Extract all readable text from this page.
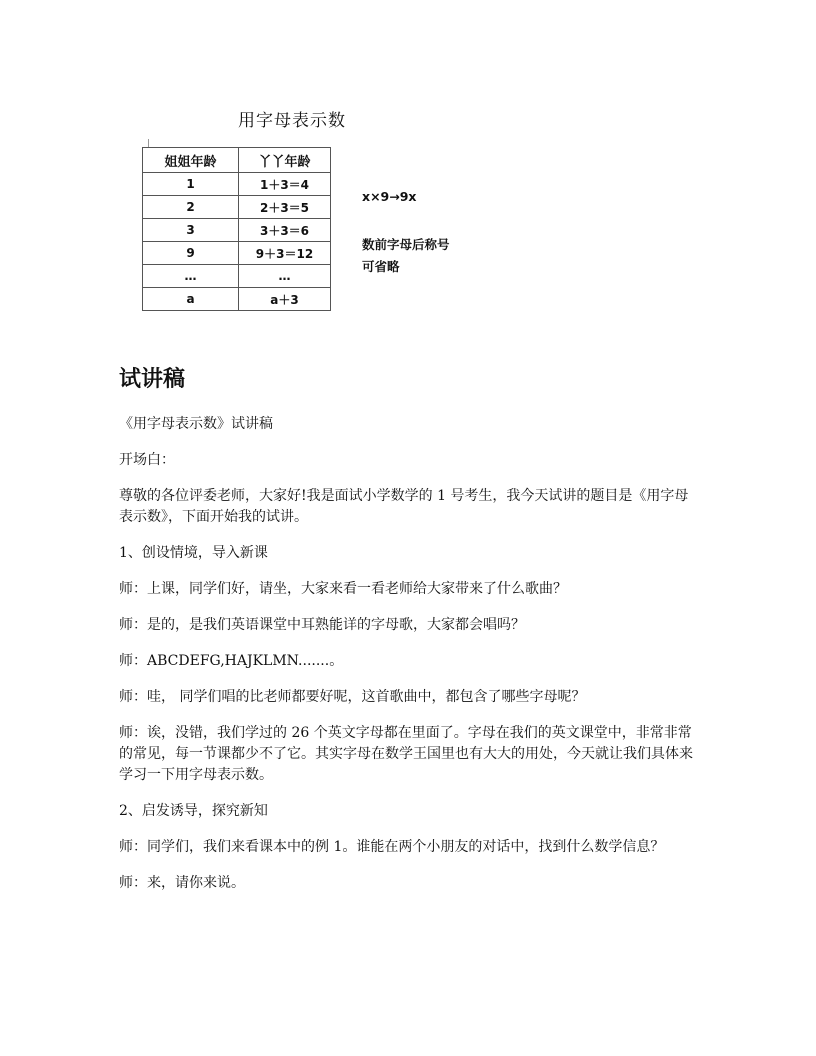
用字母表示数
姐姐年龄	丫丫年龄
1	1＋3＝4
2	2＋3＝5
3	3＋3＝6
9	9＋3＝12
…	…
a	a＋3
x×9→9x
数前字母后称号可省略
试讲稿

《用字母表示数》试讲稿

开场白：

尊敬的各位评委老师，大家好!我是面试小学数学的 1 号考生，我今天试讲的题目是《用字母表示数》，下面开始我的试讲。

1、创设情境，导入新课

师：上课，同学们好，请坐，大家来看一看老师给大家带来了什么歌曲？

师：是的，是我们英语课堂中耳熟能详的字母歌，大家都会唱吗？

师：ABCDEFG,HAJKLMN.......。

师：哇， 同学们唱的比老师都要好呢，这首歌曲中，都包含了哪些字母呢？

师：诶，没错，我们学过的 26 个英文字母都在里面了。字母在我们的英文课堂中，非常非常的常见，每一节课都少不了它。其实字母在数学王国里也有大大的用处，今天就让我们具体来学习一下用字母表示数。

2、启发诱导，探究新知

师：同学们，我们来看课本中的例 1。谁能在两个小朋友的对话中，找到什么数学信息？

师：来，请你来说。
